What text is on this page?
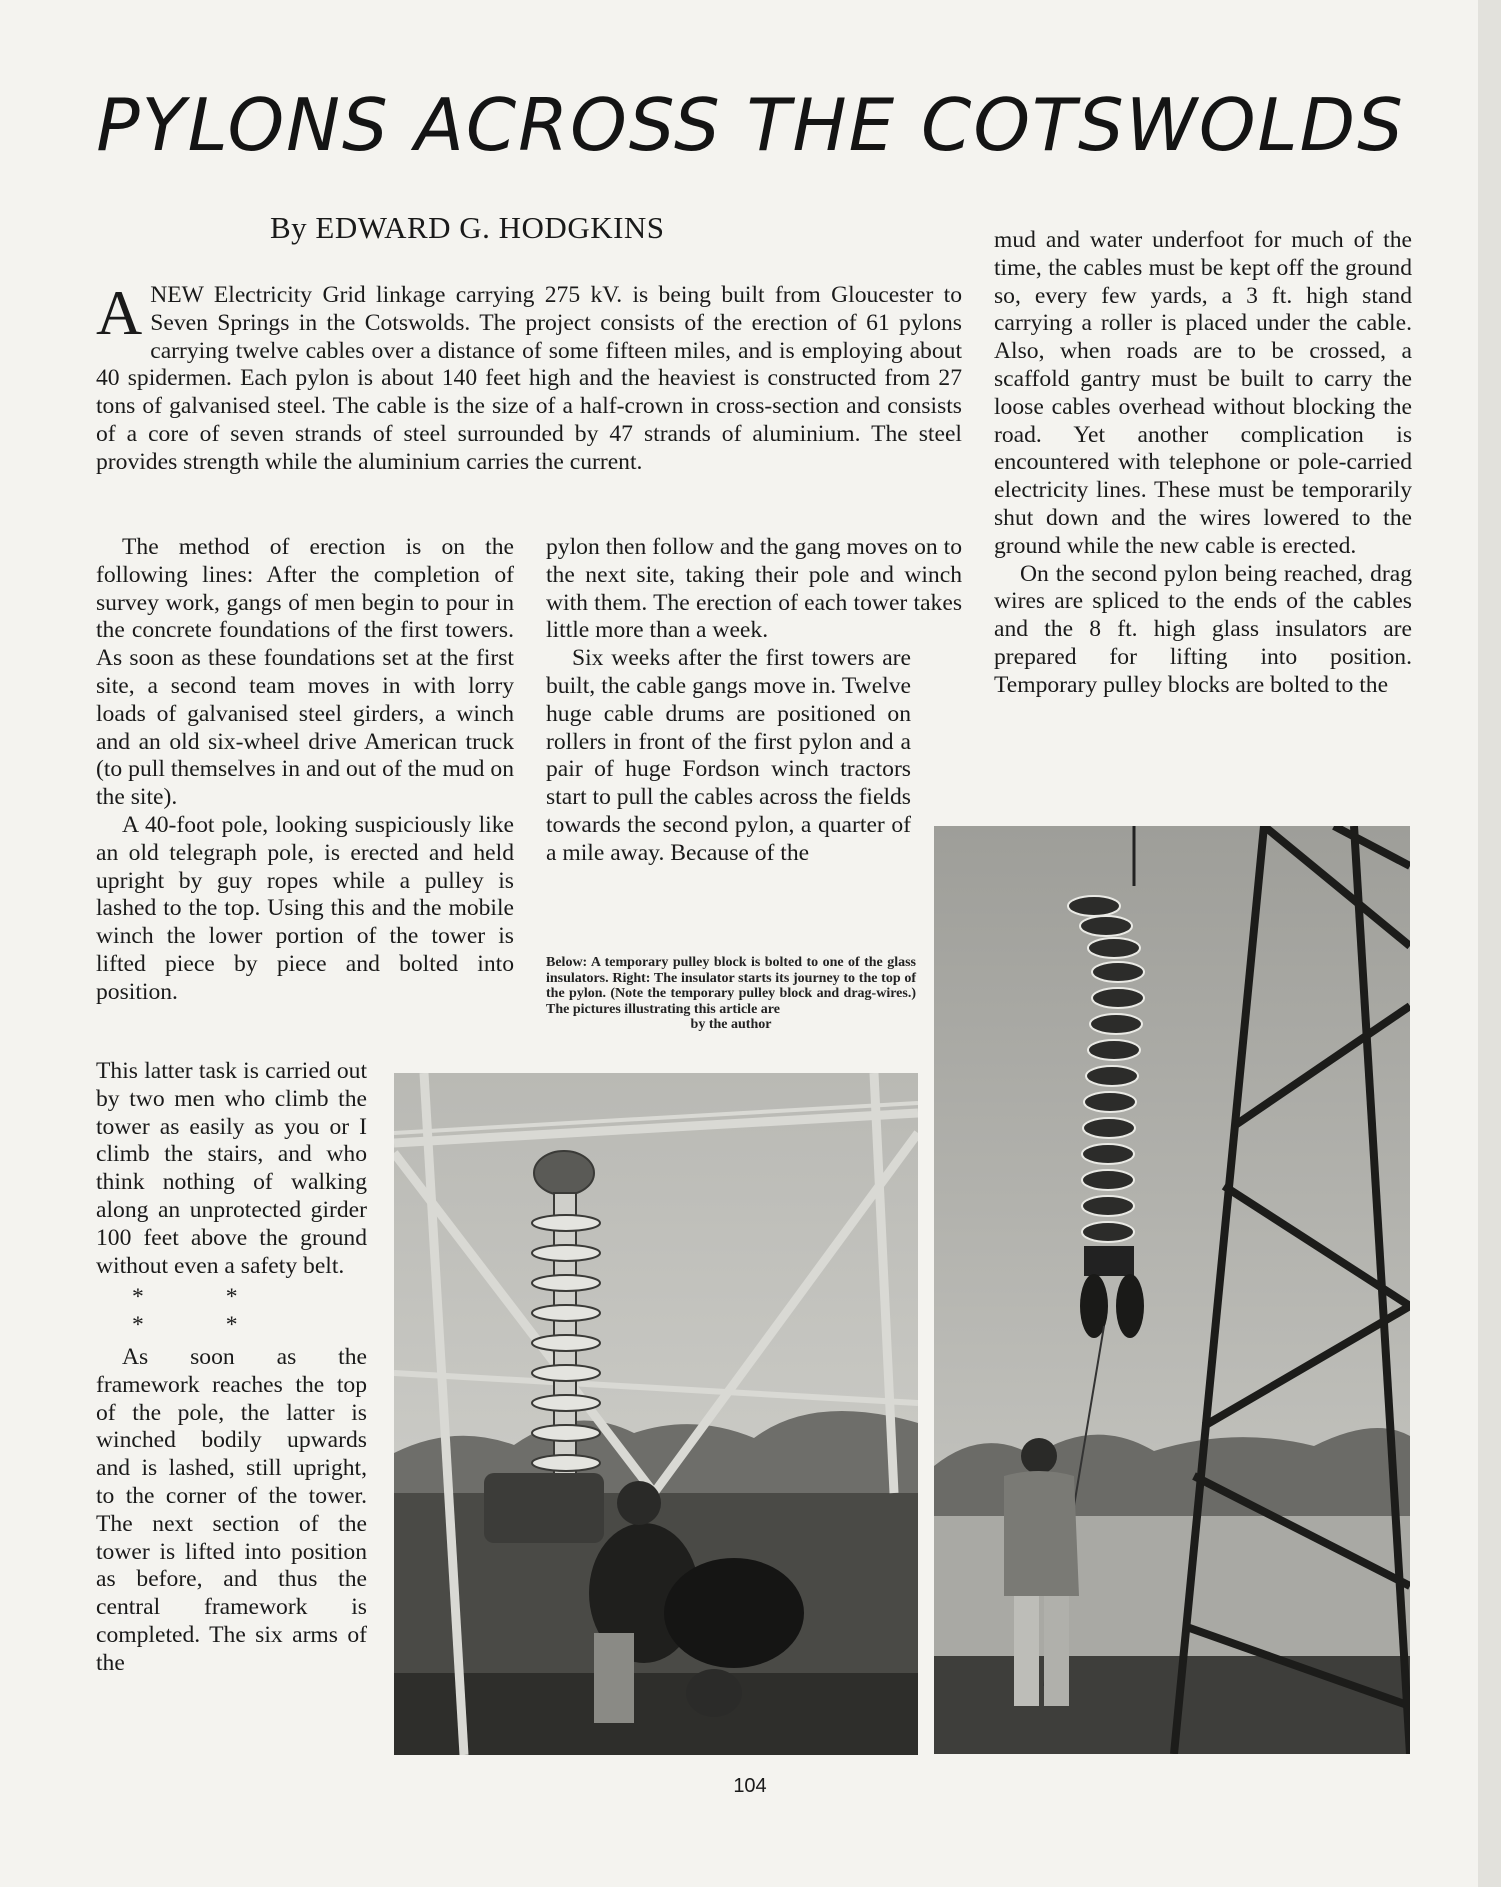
PYLONS ACROSS THE COTSWOLDS
By EDWARD G. HODGKINS
ANEW Electricity Grid linkage carrying 275 kV. is being built from Gloucester to Seven Springs in the Cotswolds. The project consists of the erection of 61 pylons carrying twelve cables over a distance of some fifteen miles, and is employing about 40 spidermen. Each pylon is about 140 feet high and the heaviest is constructed from 27 tons of galvanised steel. The cable is the size of a half-crown in cross-section and consists of a core of seven strands of steel surrounded by 47 strands of aluminium. The steel provides strength while the aluminium carries the current.

The method of erection is on the following lines: After the completion of survey work, gangs of men begin to pour in the concrete foundations of the first towers. As soon as these foundations set at the first site, a second team moves in with lorry loads of galvanised steel girders, a winch and an old six-wheel drive American truck (to pull themselves in and out of the mud on the site).

A 40-foot pole, looking suspiciously like an old telegraph pole, is erected and held upright by guy ropes while a pulley is lashed to the top. Using this and the mobile winch the lower portion of the tower is lifted piece by piece and bolted into position.

This latter task is carried out by two men who climb the tower as easily as you or I climb the stairs, and who think nothing of walking along an unprotected girder 100 feet above the ground without even a safety belt.

* * * *

As soon as the framework reaches the top of the pole, the latter is winched bodily upwards and is lashed, still upright, to the corner of the tower. The next section of the tower is lifted into position as before, and thus the central framework is completed. The six arms of the

pylon then follow and the gang moves on to the next site, taking their pole and winch with them. The erection of each tower takes little more than a week.

Six weeks after the first towers are built, the cable gangs move in. Twelve huge cable drums are positioned on rollers in front of the first pylon and a pair of huge Fordson winch tractors start to pull the cables across the fields towards the second pylon, a quarter of a mile away. Because of the

Below: A temporary pulley block is bolted to one of the glass insulators. Right: The insulator starts its journey to the top of the pylon. (Note the temporary pulley block and drag-wires.) The pictures illustrating this article are
by the author

mud and water underfoot for much of the time, the cables must be kept off the ground so, every few yards, a 3 ft. high stand carrying a roller is placed under the cable. Also, when roads are to be crossed, a scaffold gantry must be built to carry the loose cables overhead without blocking the road. Yet another complication is encountered with telephone or pole-carried electricity lines. These must be temporarily shut down and the wires lowered to the ground while the new cable is erected.

On the second pylon being reached, drag wires are spliced to the ends of the cables and the 8 ft. high glass insulators are prepared for lifting into position. Temporary pulley blocks are bolted to the

104
